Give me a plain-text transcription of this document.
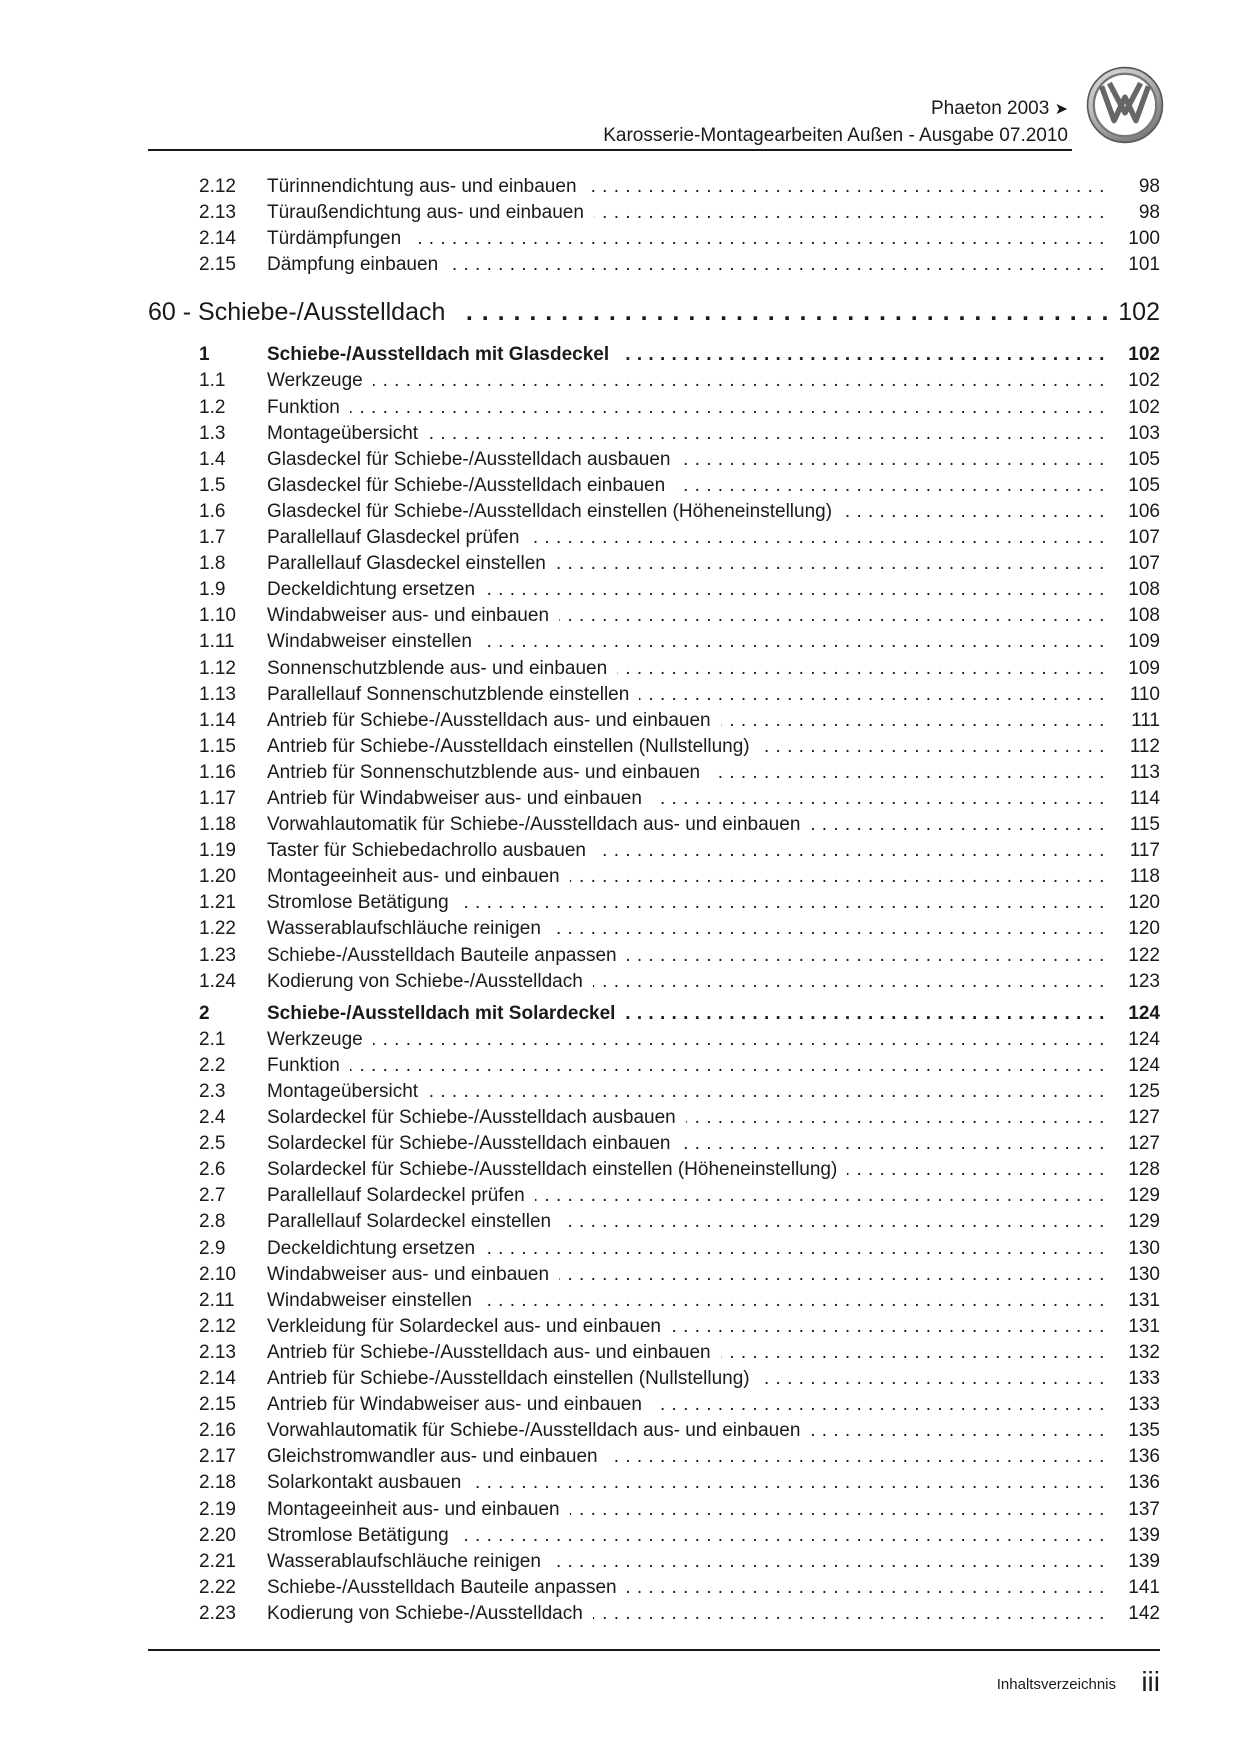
Phaeton 2003 ➤
Karosserie-Montagearbeiten Außen - Ausgabe 07.2010
2.12 Türinnendichtung aus- und einbauen . . .	98
2.13 Türaußendichtung aus- und einbauen . . .	98
2.14 Türdämpfungen . . .	100
2.15 Dämpfung einbauen . . .	101
60 - Schiebe-/Ausstelldach . . .	102
1	Schiebe-/Ausstelldach mit Glasdeckel . . .	102
1.1 Werkzeuge . . .	102
1.2 Funktion . . .	102
1.3 Montageübersicht . . .	103
1.4 Glasdeckel für Schiebe-/Ausstelldach ausbauen . . .	105
1.5 Glasdeckel für Schiebe-/Ausstelldach einbauen . . .	105
1.6 Glasdeckel für Schiebe-/Ausstelldach einstellen (Höheneinstellung) . . .	106
1.7 Parallellauf Glasdeckel prüfen . . .	107
1.8 Parallellauf Glasdeckel einstellen . . .	107
1.9 Deckeldichtung ersetzen . . .	108
1.10 Windabweiser aus- und einbauen . . .	108
1.11 Windabweiser einstellen . . .	109
1.12 Sonnenschutzblende aus- und einbauen . . .	109
1.13 Parallellauf Sonnenschutzblende einstellen . . .	110
1.14 Antrieb für Schiebe-/Ausstelldach aus- und einbauen . . .	111
1.15 Antrieb für Schiebe-/Ausstelldach einstellen (Nullstellung) . . .	112
1.16 Antrieb für Sonnenschutzblende aus- und einbauen . . .	113
1.17 Antrieb für Windabweiser aus- und einbauen . . .	114
1.18 Vorwahlautomatik für Schiebe-/Ausstelldach aus- und einbauen . . .	115
1.19 Taster für Schiebedachrollo ausbauen . . .	117
1.20 Montageeinheit aus- und einbauen . . .	118
1.21 Stromlose Betätigung . . .	120
1.22 Wasserablaufschläuche reinigen . . .	120
1.23 Schiebe-/Ausstelldach Bauteile anpassen . . .	122
1.24 Kodierung von Schiebe-/Ausstelldach . . .	123
2	Schiebe-/Ausstelldach mit Solardeckel . . .	124
2.1 Werkzeuge . . .	124
2.2 Funktion . . .	124
2.3 Montageübersicht . . .	125
2.4 Solardeckel für Schiebe-/Ausstelldach ausbauen . . .	127
2.5 Solardeckel für Schiebe-/Ausstelldach einbauen . . .	127
2.6 Solardeckel für Schiebe-/Ausstelldach einstellen (Höheneinstellung) . . .	128
2.7 Parallellauf Solardeckel prüfen . . .	129
2.8 Parallellauf Solardeckel einstellen . . .	129
2.9 Deckeldichtung ersetzen . . .	130
2.10 Windabweiser aus- und einbauen . . .	130
2.11 Windabweiser einstellen . . .	131
2.12 Verkleidung für Solardeckel aus- und einbauen . . .	131
2.13 Antrieb für Schiebe-/Ausstelldach aus- und einbauen . . .	132
2.14 Antrieb für Schiebe-/Ausstelldach einstellen (Nullstellung) . . .	133
2.15 Antrieb für Windabweiser aus- und einbauen . . .	133
2.16 Vorwahlautomatik für Schiebe-/Ausstelldach aus- und einbauen . . .	135
2.17 Gleichstromwandler aus- und einbauen . . .	136
2.18 Solarkontakt ausbauen . . .	136
2.19 Montageeinheit aus- und einbauen . . .	137
2.20 Stromlose Betätigung . . .	139
2.21 Wasserablaufschläuche reinigen . . .	139
2.22 Schiebe-/Ausstelldach Bauteile anpassen . . .	141
2.23 Kodierung von Schiebe-/Ausstelldach . . .	142
Inhaltsverzeichnis iii
